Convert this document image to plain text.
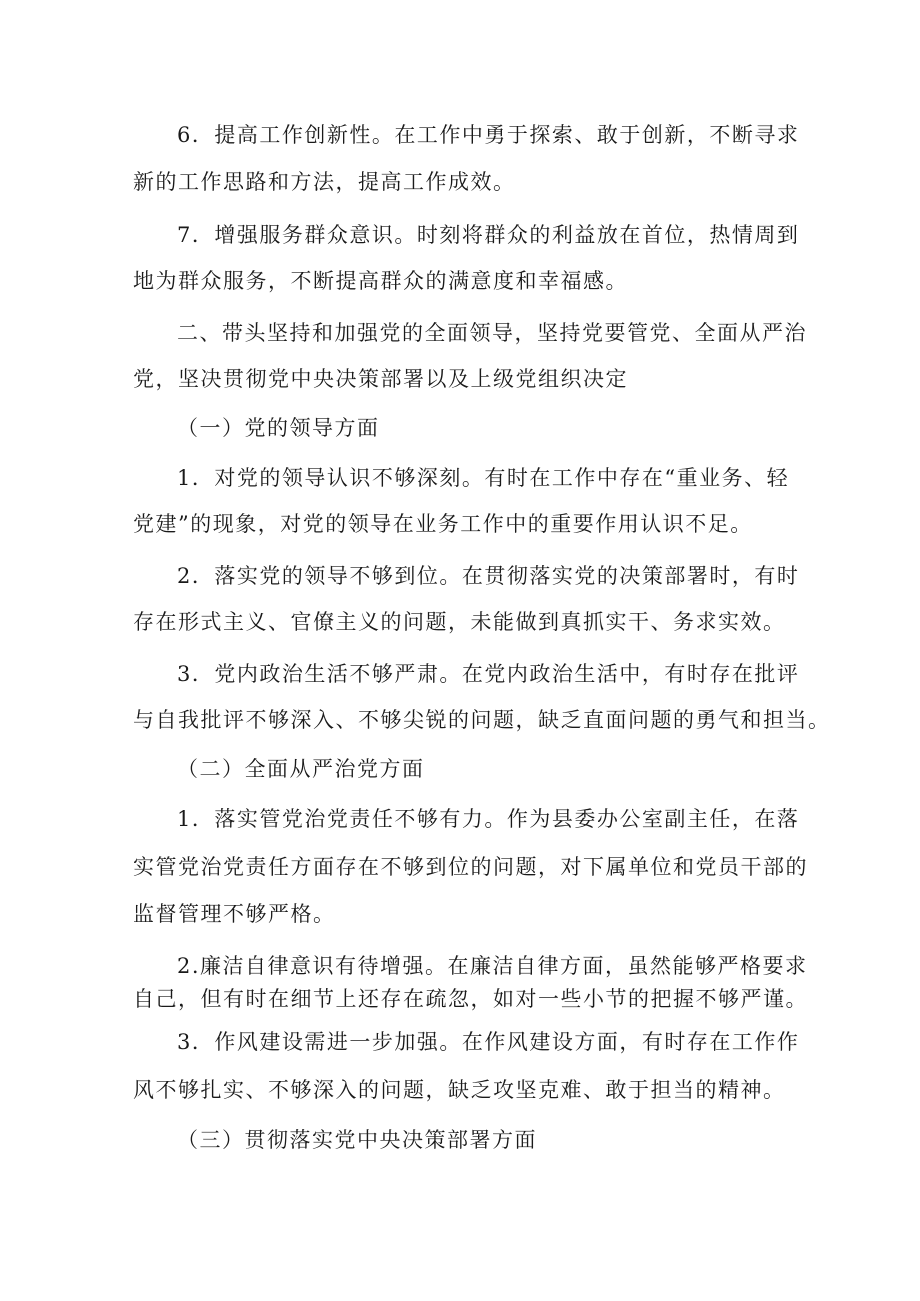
6．提高工作创新性。在工作中勇于探索、敢于创新，不断寻求
新的工作思路和方法，提高工作成效。
7．增强服务群众意识。时刻将群众的利益放在首位，热情周到
地为群众服务，不断提高群众的满意度和幸福感。
二、带头坚持和加强党的全面领导，坚持党要管党、全面从严治
党，坚决贯彻党中央决策部署以及上级党组织决定
（一）党的领导方面
1．对党的领导认识不够深刻。有时在工作中存在“重业务、轻
党建”的现象，对党的领导在业务工作中的重要作用认识不足。
2．落实党的领导不够到位。在贯彻落实党的决策部署时，有时
存在形式主义、官僚主义的问题，未能做到真抓实干、务求实效。
3．党内政治生活不够严肃。在党内政治生活中，有时存在批评
与自我批评不够深入、不够尖锐的问题，缺乏直面问题的勇气和担当。
（二）全面从严治党方面
1．落实管党治党责任不够有力。作为县委办公室副主任，在落
实管党治党责任方面存在不够到位的问题，对下属单位和党员干部的
监督管理不够严格。
2.廉洁自律意识有待增强。在廉洁自律方面，虽然能够严格要求
自己，但有时在细节上还存在疏忽，如对一些小节的把握不够严谨。
3．作风建设需进一步加强。在作风建设方面，有时存在工作作
风不够扎实、不够深入的问题，缺乏攻坚克难、敢于担当的精神。
（三）贯彻落实党中央决策部署方面
